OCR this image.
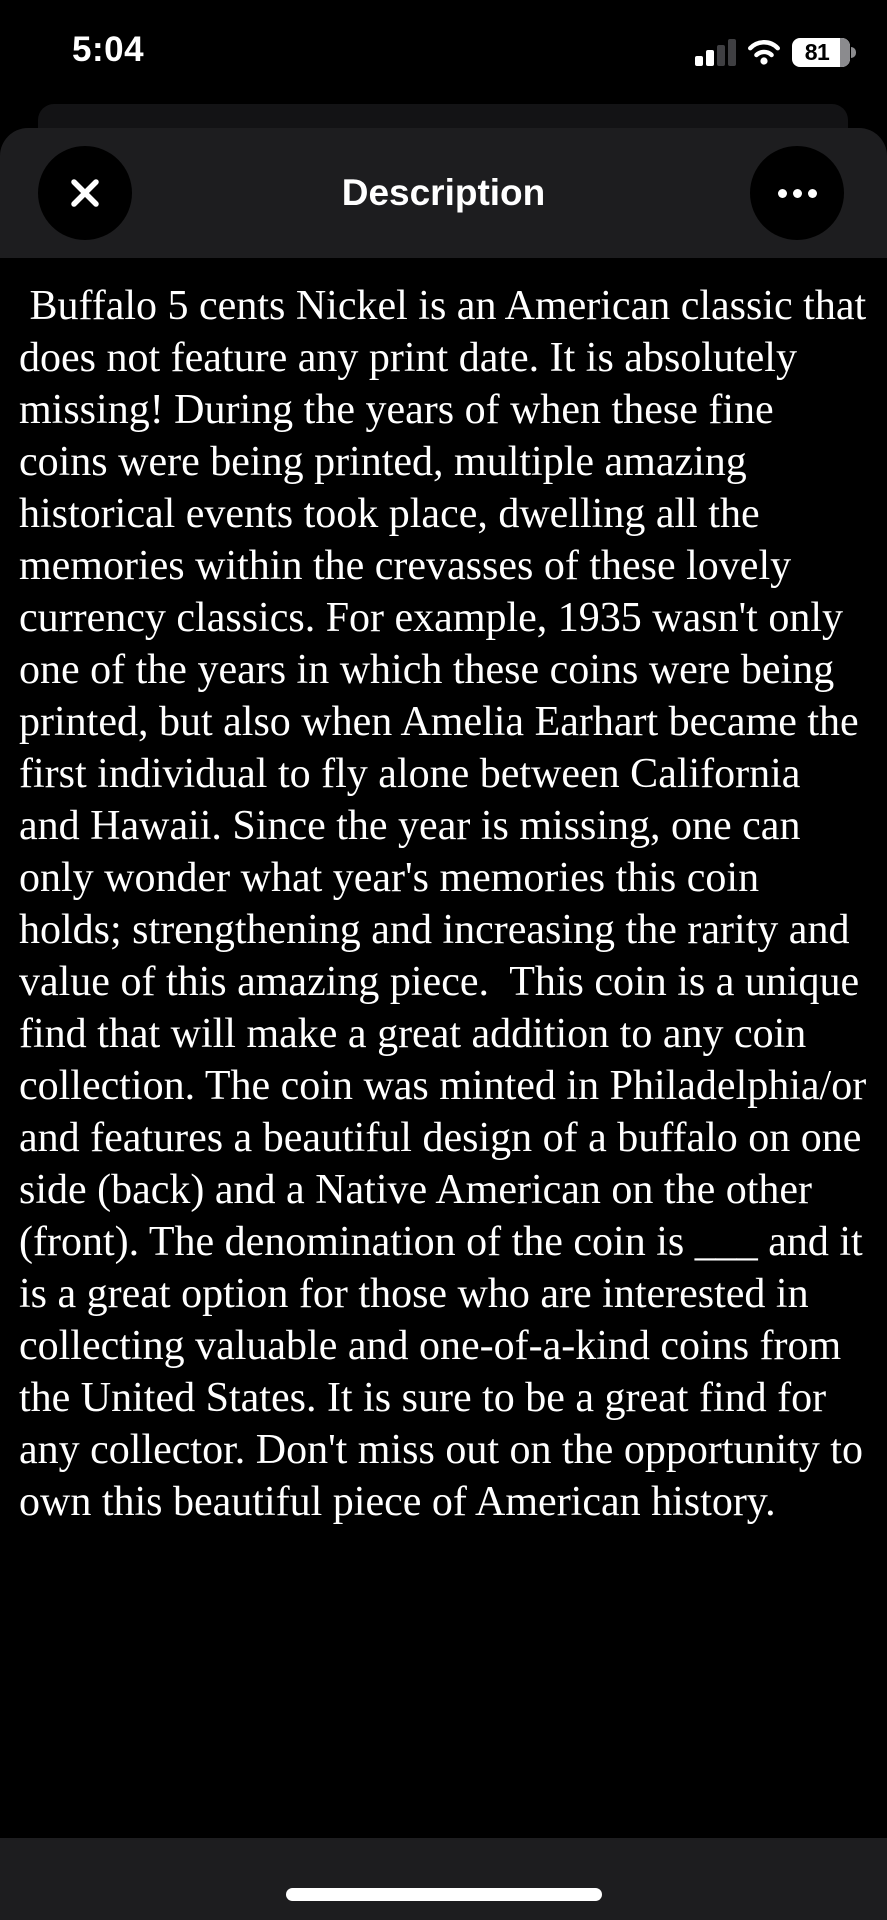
5:04	81
Description
Buffalo 5 cents Nickel is an American classic that does not feature any print date. It is absolutely missing! During the years of when these fine coins were being printed, multiple amazing historical events took place, dwelling all the memories within the crevasses of these lovely currency classics. For example, 1935 wasn't only one of the years in which these coins were being printed, but also when Amelia Earhart became the first individual to fly alone between California and Hawaii. Since the year is missing, one can only wonder what year's memories this coin holds; strengthening and increasing the rarity and value of this amazing piece.  This coin is a unique find that will make a great addition to any coin collection. The coin was minted in Philadelphia/or and features a beautiful design of a buffalo on one side (back) and a Native American on the other (front). The denomination of the coin is ___ and it is a great option for those who are interested in collecting valuable and one-of-a-kind coins from the United States. It is sure to be a great find for any collector. Don't miss out on the opportunity to own this beautiful piece of American history.
